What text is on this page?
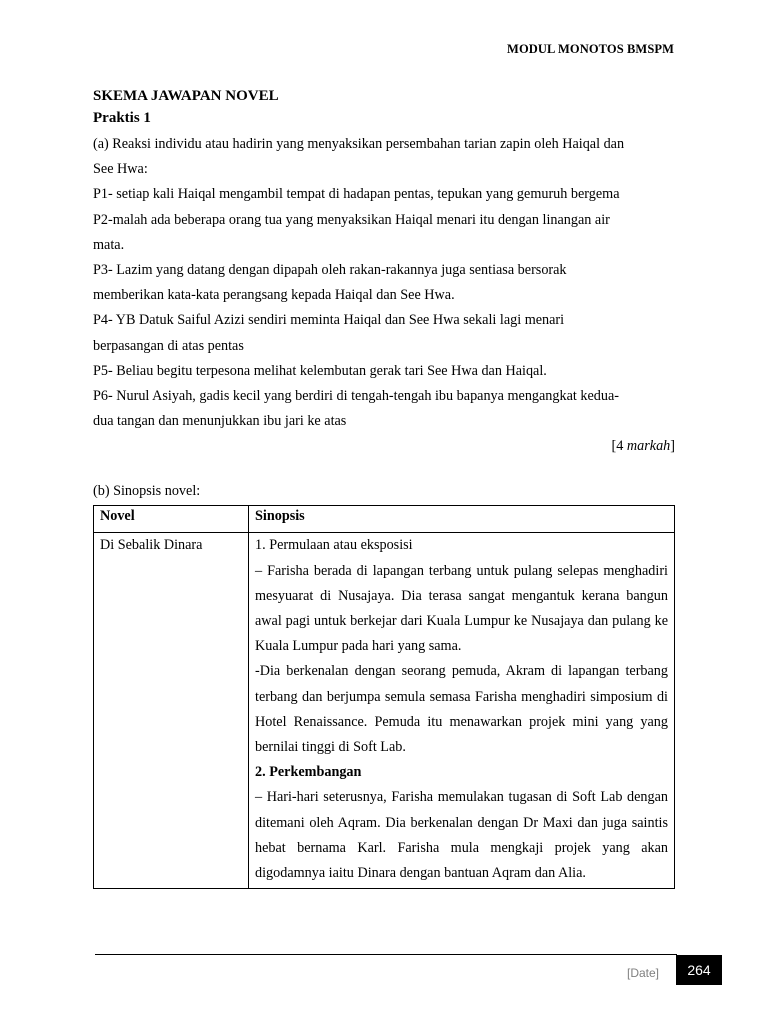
MODUL MONOTOS BMSPM

SKEMA JAWAPAN NOVEL

Praktis 1

(a) Reaksi individu atau hadirin yang menyaksikan persembahan tarian zapin oleh Haiqal dan

See Hwa:

P1- setiap kali Haiqal mengambil tempat di hadapan pentas, tepukan yang gemuruh bergema

P2-malah ada beberapa orang tua yang menyaksikan Haiqal menari itu dengan linangan air

mata.

P3- Lazim yang datang dengan dipapah oleh rakan-rakannya juga sentiasa bersorak

memberikan kata-kata perangsang kepada Haiqal dan See Hwa.

P4- YB Datuk Saiful Azizi sendiri meminta Haiqal dan See Hwa sekali lagi menari

berpasangan di atas pentas

P5- Beliau begitu terpesona melihat kelembutan gerak tari See Hwa dan Haiqal.

P6- Nurul Asiyah, gadis kecil yang berdiri di tengah-tengah ibu bapanya mengangkat kedua-

dua tangan dan menunjukkan ibu jari ke atas

[4 markah]

(b) Sinopsis novel:

Novel	Sinopsis

Di Sebalik Dinara	1. Permulaan atau eksposisi
– Farisha berada di lapangan terbang untuk pulang selepas menghadiri mesyuarat di Nusajaya. Dia terasa sangat mengantuk kerana bangun awal pagi untuk berkejar dari Kuala Lumpur ke Nusajaya dan pulang ke Kuala Lumpur pada hari yang sama.
-Dia berkenalan dengan seorang pemuda, Akram di lapangan terbang terbang dan berjumpa semula semasa Farisha menghadiri simposium di Hotel Renaissance. Pemuda itu menawarkan projek mini yang yang bernilai tinggi di Soft Lab.
2. Perkembangan
– Hari-hari seterusnya, Farisha memulakan tugasan di Soft Lab dengan ditemani oleh Aqram. Dia berkenalan dengan Dr Maxi dan juga saintis hebat bernama Karl. Farisha mula mengkaji projek yang akan digodamnya iaitu Dinara dengan bantuan Aqram dan Alia.
[Date]	264
